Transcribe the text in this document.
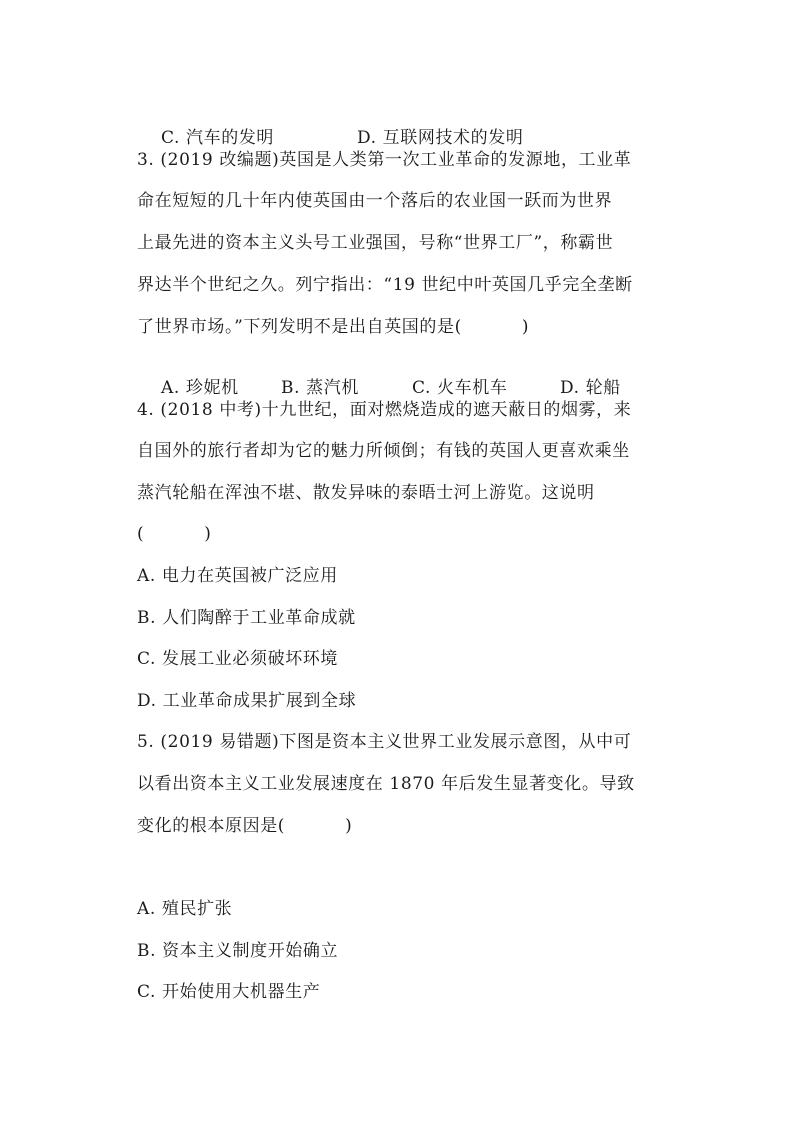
C. 汽车的发明	D. 互联网技术的发明

3. (2019 改编题)英国是人类第一次工业革命的发源地，工业革
命在短短的几十年内使英国由一个落后的农业国一跃而为世界
上最先进的资本主义头号工业强国，号称“世界工厂”，称霸世
界达半个世纪之久。列宁指出：“19 世纪中叶英国几乎完全垄断
了世界市场。”下列发明不是出自英国的是(          )

A. 珍妮机 B. 蒸汽机	C. 火车机车	D. 轮船

4. (2018 中考)十九世纪，面对燃烧造成的遮天蔽日的烟雾，来
自国外的旅行者却为它的魅力所倾倒；有钱的英国人更喜欢乘坐
蒸汽轮船在浑浊不堪、散发异味的泰晤士河上游览。这说明
(          )
A. 电力在英国被广泛应用
B. 人们陶醉于工业革命成就
C. 发展工业必须破坏环境
D. 工业革命成果扩展到全球
5. (2019 易错题)下图是资本主义世界工业发展示意图，从中可
以看出资本主义工业发展速度在 1870 年后发生显著变化。导致
变化的根本原因是(          )
A. 殖民扩张
B. 资本主义制度开始确立
C. 开始使用大机器生产
